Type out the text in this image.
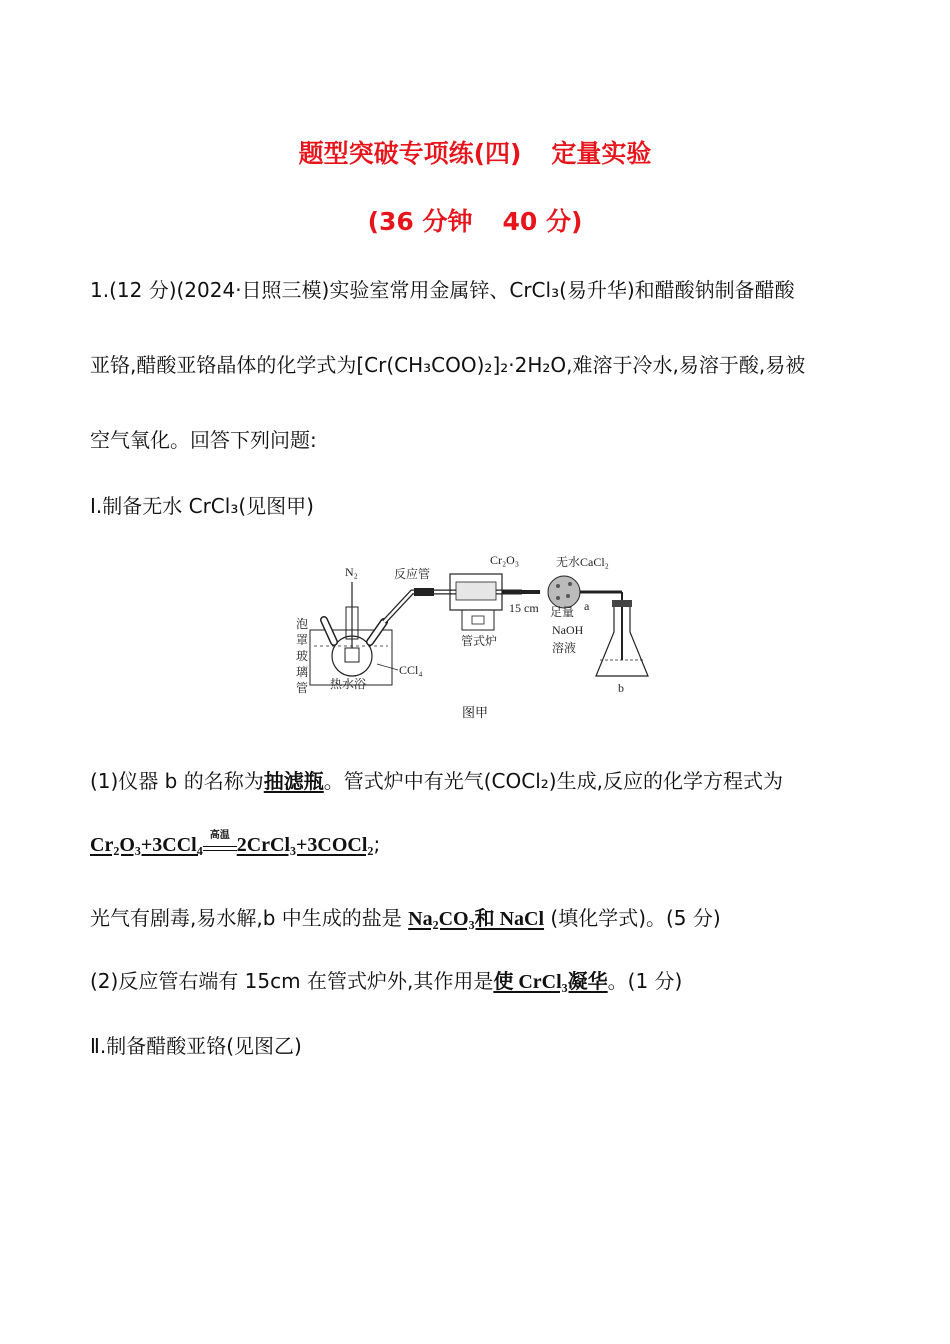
题型突破专项练(四) 定量实验
(36 分钟 40 分)
1.(12 分)(2024·日照三模)实验室常用金属锌、CrCl₃(易升华)和醋酸钠制备醋酸
亚铬,醋酸亚铬晶体的化学式为[Cr(CH₃COO)₂]₂·2H₂O,难溶于冷水,易溶于酸,易被
空气氧化。回答下列问题:
Ⅰ.制备无水 CrCl₃(见图甲)
N₂	反应管
Cr₂O₃
管式炉
15 cm
无水CaCl₂
a
足量
NaOH
溶液
b
泡
罩
玻
璃
管
CCl₄
热水浴
图甲
(1)仪器 b 的名称为抽滤瓶。管式炉中有光气(COCl₂)生成,反应的化学方程式为
Cr₂O₃+3CCl₄ 高温 2CrCl₃+3COCl₂;
光气有剧毒,易水解,b 中生成的盐是 Na₂CO₃和 NaCl (填化学式)。(5 分)
(2)反应管右端有 15cm 在管式炉外,其作用是使 CrCl₃凝华。(1 分)
Ⅱ.制备醋酸亚铬(见图乙)
